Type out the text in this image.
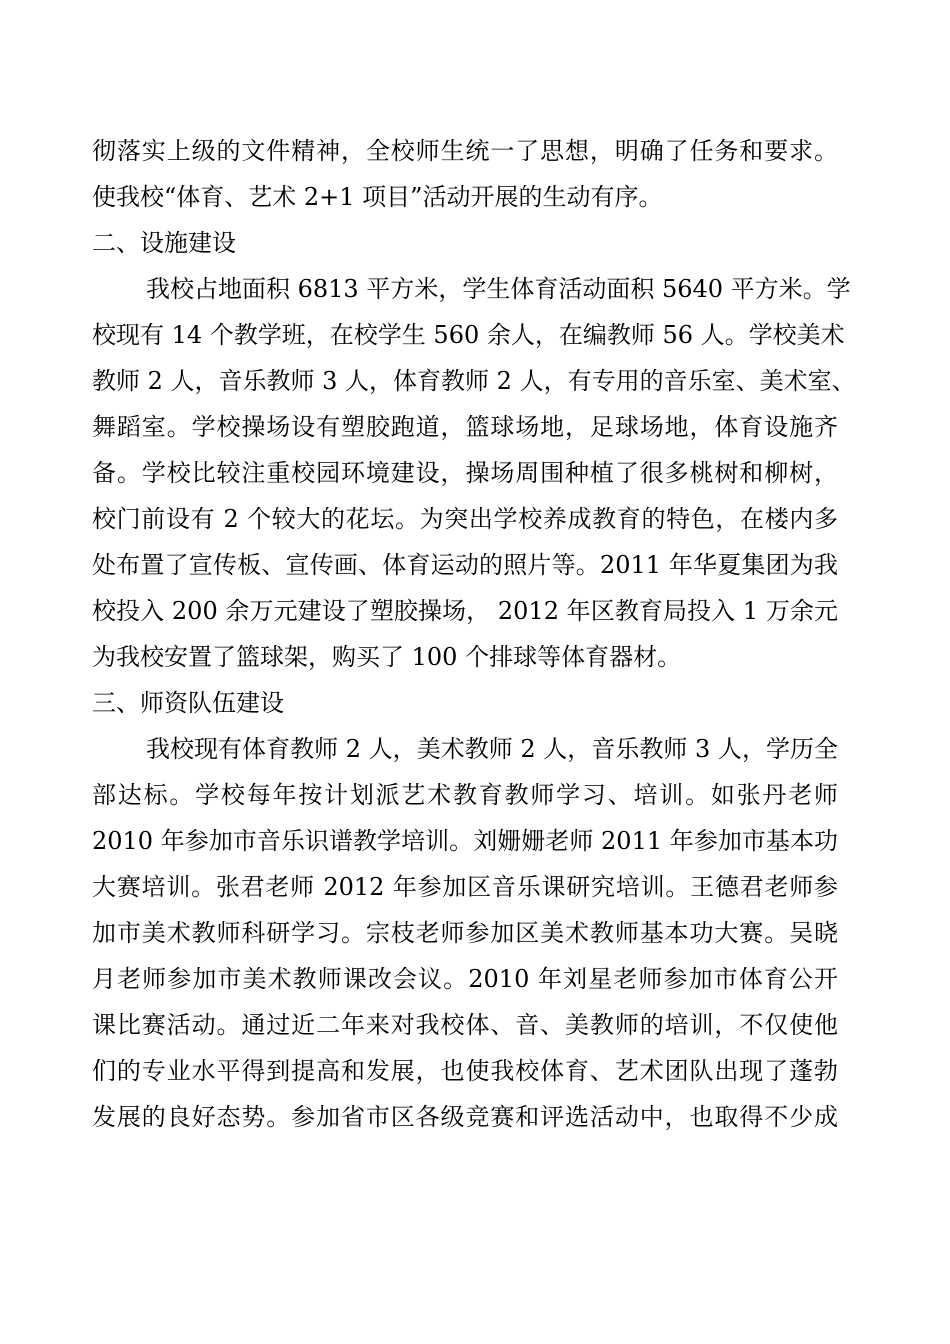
彻落实上级的文件精神，全校师生统一了思想，明确了任务和要求。
使我校“体育、艺术 2+1 项目”活动开展的生动有序。
二、设施建设
我校占地面积 6813 平方米，学生体育活动面积 5640 平方米。学
校现有 14 个教学班，在校学生 560 余人，在编教师 56 人。学校美术
教师 2 人，音乐教师 3 人，体育教师 2 人，有专用的音乐室、美术室、
舞蹈室。学校操场设有塑胶跑道，篮球场地，足球场地，体育设施齐
备。学校比较注重校园环境建设，操场周围种植了很多桃树和柳树，
校门前设有 2 个较大的花坛。为突出学校养成教育的特色，在楼内多
处布置了宣传板、宣传画、体育运动的照片等。2011 年华夏集团为我
校投入 200 余万元建设了塑胶操场， 2012 年区教育局投入 1 万余元
为我校安置了篮球架，购买了 100 个排球等体育器材。
三、师资队伍建设
我校现有体育教师 2 人，美术教师 2 人，音乐教师 3 人，学历全
部达标。学校每年按计划派艺术教育教师学习、培训。如张丹老师
2010 年参加市音乐识谱教学培训。刘姗姗老师 2011 年参加市基本功
大赛培训。张君老师 2012 年参加区音乐课研究培训。王德君老师参
加市美术教师科研学习。宗枝老师参加区美术教师基本功大赛。吴晓
月老师参加市美术教师课改会议。2010 年刘星老师参加市体育公开
课比赛活动。通过近二年来对我校体、音、美教师的培训，不仅使他
们的专业水平得到提高和发展，也使我校体育、艺术团队出现了蓬勃
发展的良好态势。参加省市区各级竞赛和评选活动中，也取得不少成
